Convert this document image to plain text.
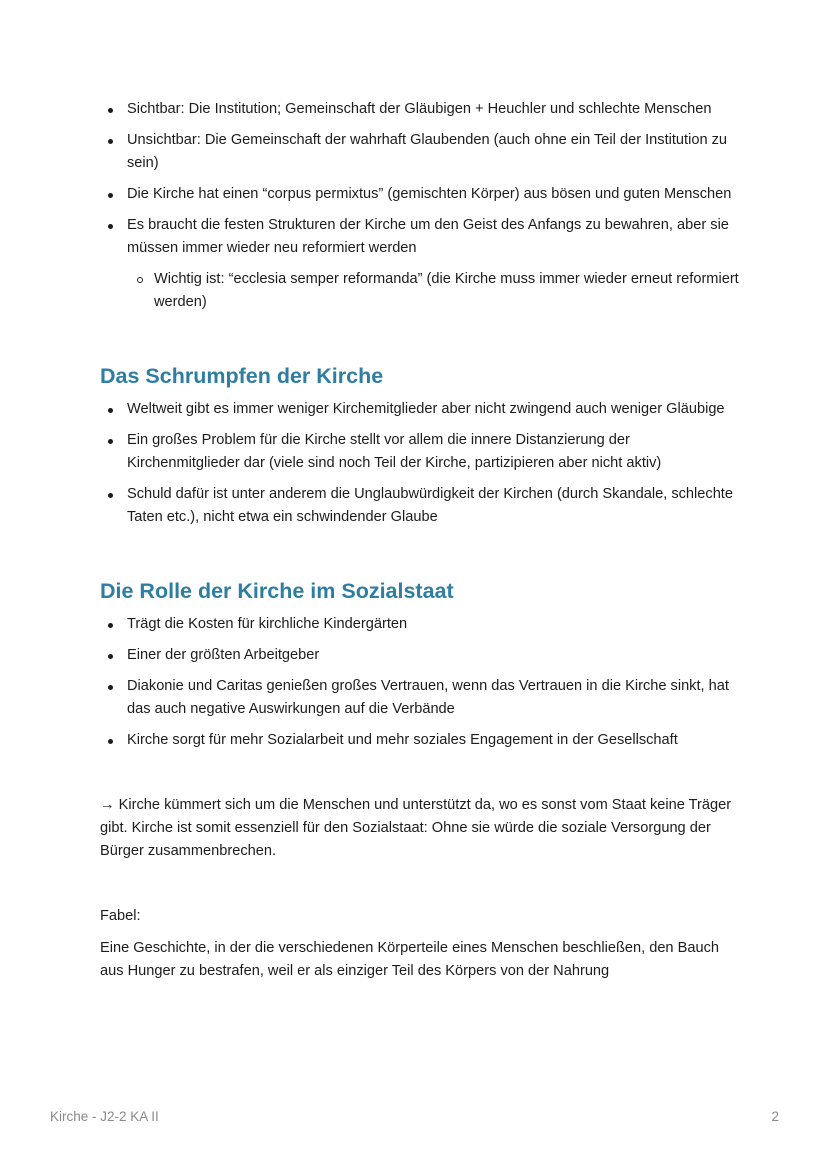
Sichtbar: Die Institution; Gemeinschaft der Gläubigen + Heuchler und schlechte Menschen
Unsichtbar: Die Gemeinschaft der wahrhaft Glaubenden (auch ohne ein Teil der Institution zu sein)
Die Kirche hat einen “corpus permixtus” (gemischten Körper) aus bösen und guten Menschen
Es braucht die festen Strukturen der Kirche um den Geist des Anfangs zu bewahren, aber sie müssen immer wieder neu reformiert werden
Wichtig ist: “ecclesia semper reformanda” (die Kirche muss immer wieder erneut reformiert werden)
Das Schrumpfen der Kirche
Weltweit gibt es immer weniger Kirchemitglieder aber nicht zwingend auch weniger Gläubige
Ein großes Problem für die Kirche stellt vor allem die innere Distanzierung der Kirchenmitglieder dar (viele sind noch Teil der Kirche, partizipieren aber nicht aktiv)
Schuld dafür ist unter anderem die Unglaubwürdigkeit der Kirchen (durch Skandale, schlechte Taten etc.), nicht etwa ein schwindender Glaube
Die Rolle der Kirche im Sozialstaat
Trägt die Kosten für kirchliche Kindergärten
Einer der größten Arbeitgeber
Diakonie und Caritas genießen großes Vertrauen, wenn das Vertrauen in die Kirche sinkt, hat das auch negative Auswirkungen auf die Verbände
Kirche sorgt für mehr Sozialarbeit und mehr soziales Engagement in der Gesellschaft

→ Kirche kümmert sich um die Menschen und unterstützt da, wo es sonst vom Staat keine Träger gibt. Kirche ist somit essenziell für den Sozialstaat: Ohne sie würde die soziale Versorgung der Bürger zusammenbrechen.

Fabel:

Eine Geschichte, in der die verschiedenen Körperteile eines Menschen beschließen, den Bauch aus Hunger zu bestrafen, weil er als einziger Teil des Körpers von der Nahrung

Kirche - J2-2 KA II	2
